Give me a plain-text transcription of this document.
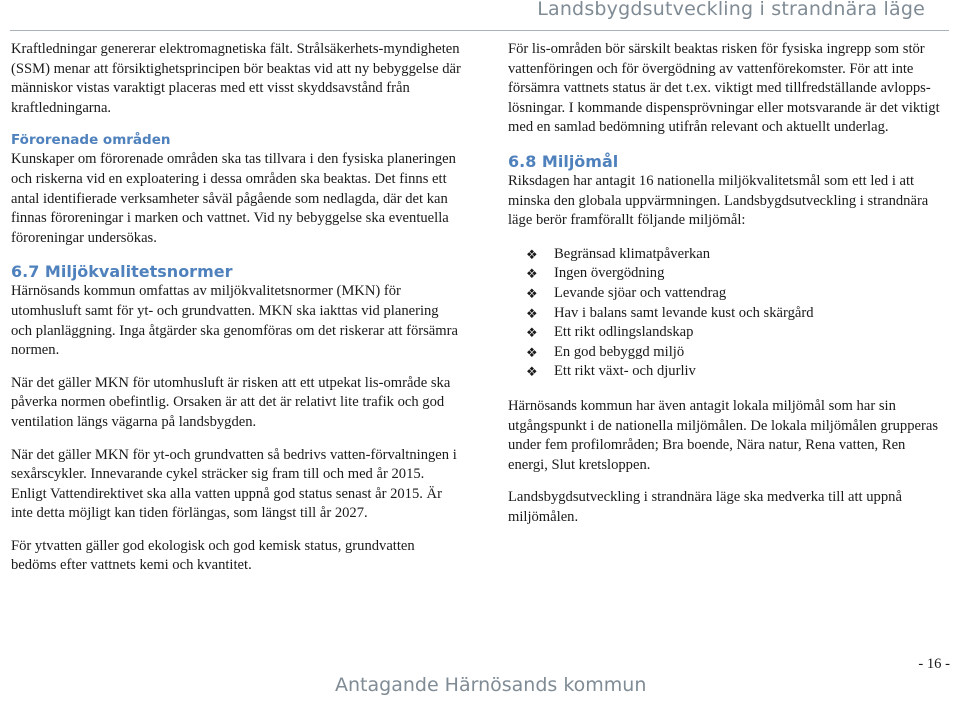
Landsbygdsutveckling i strandnära läge

Kraftledningar genererar elektromagnetiska fält. Strålsäkerhets-myndigheten (SSM) menar att försiktighetsprincipen bör beaktas vid att ny bebyggelse där människor vistas varaktigt placeras med ett visst skyddsavstånd från kraftledningarna.

Förorenade områden

Kunskaper om förorenade områden ska tas tillvara i den fysiska planeringen och riskerna vid en exploatering i dessa områden ska beaktas. Det finns ett antal identifierade verksamheter såväl pågående som nedlagda, där det kan finnas föroreningar i marken och vattnet. Vid ny bebyggelse ska eventuella föroreningar undersökas.

6.7 Miljökvalitetsnormer

Härnösands kommun omfattas av miljökvalitetsnormer (MKN) för utomhusluft samt för yt- och grundvatten. MKN ska iakttas vid planering och planläggning. Inga åtgärder ska genomföras om det riskerar att försämra normen.

När det gäller MKN för utomhusluft är risken att ett utpekat lis-område ska påverka normen obefintlig. Orsaken är att det är relativt lite trafik och god ventilation längs vägarna på landsbygden.

När det gäller MKN för yt-och grundvatten så bedrivs vatten-förvaltningen i sexårscykler. Innevarande cykel sträcker sig fram till och med år 2015. Enligt Vattendirektivet ska alla vatten uppnå god status senast år 2015. Är inte detta möjligt kan tiden förlängas, som längst till år 2027.

För ytvatten gäller god ekologisk och god kemisk status, grundvatten bedöms efter vattnets kemi och kvantitet.

För lis-områden bör särskilt beaktas risken för fysiska ingrepp som stör vattenföringen och för övergödning av vattenförekomster. För att inte försämra vattnets status är det t.ex. viktigt med tillfredställande avlopps-lösningar. I kommande dispensprövningar eller motsvarande är det viktigt med en samlad bedömning utifrån relevant och aktuellt underlag.

6.8 Miljömål

Riksdagen har antagit 16 nationella miljökvalitetsmål som ett led i att minska den globala uppvärmningen. Landsbygdsutveckling i strandnära läge berör framförallt följande miljömål:

❖ Begränsad klimatpåverkan
❖ Ingen övergödning
❖ Levande sjöar och vattendrag
❖ Hav i balans samt levande kust och skärgård
❖ Ett rikt odlingslandskap
❖ En god bebyggd miljö
❖ Ett rikt växt- och djurliv

Härnösands kommun har även antagit lokala miljömål som har sin utgångspunkt i de nationella miljömålen. De lokala miljömålen grupperas under fem profilområden; Bra boende, Nära natur, Rena vatten, Ren energi, Slut kretsloppen.

Landsbygdsutveckling i strandnära läge ska medverka till att uppnå miljömålen.

- 16 -
Antagande Härnösands kommun
